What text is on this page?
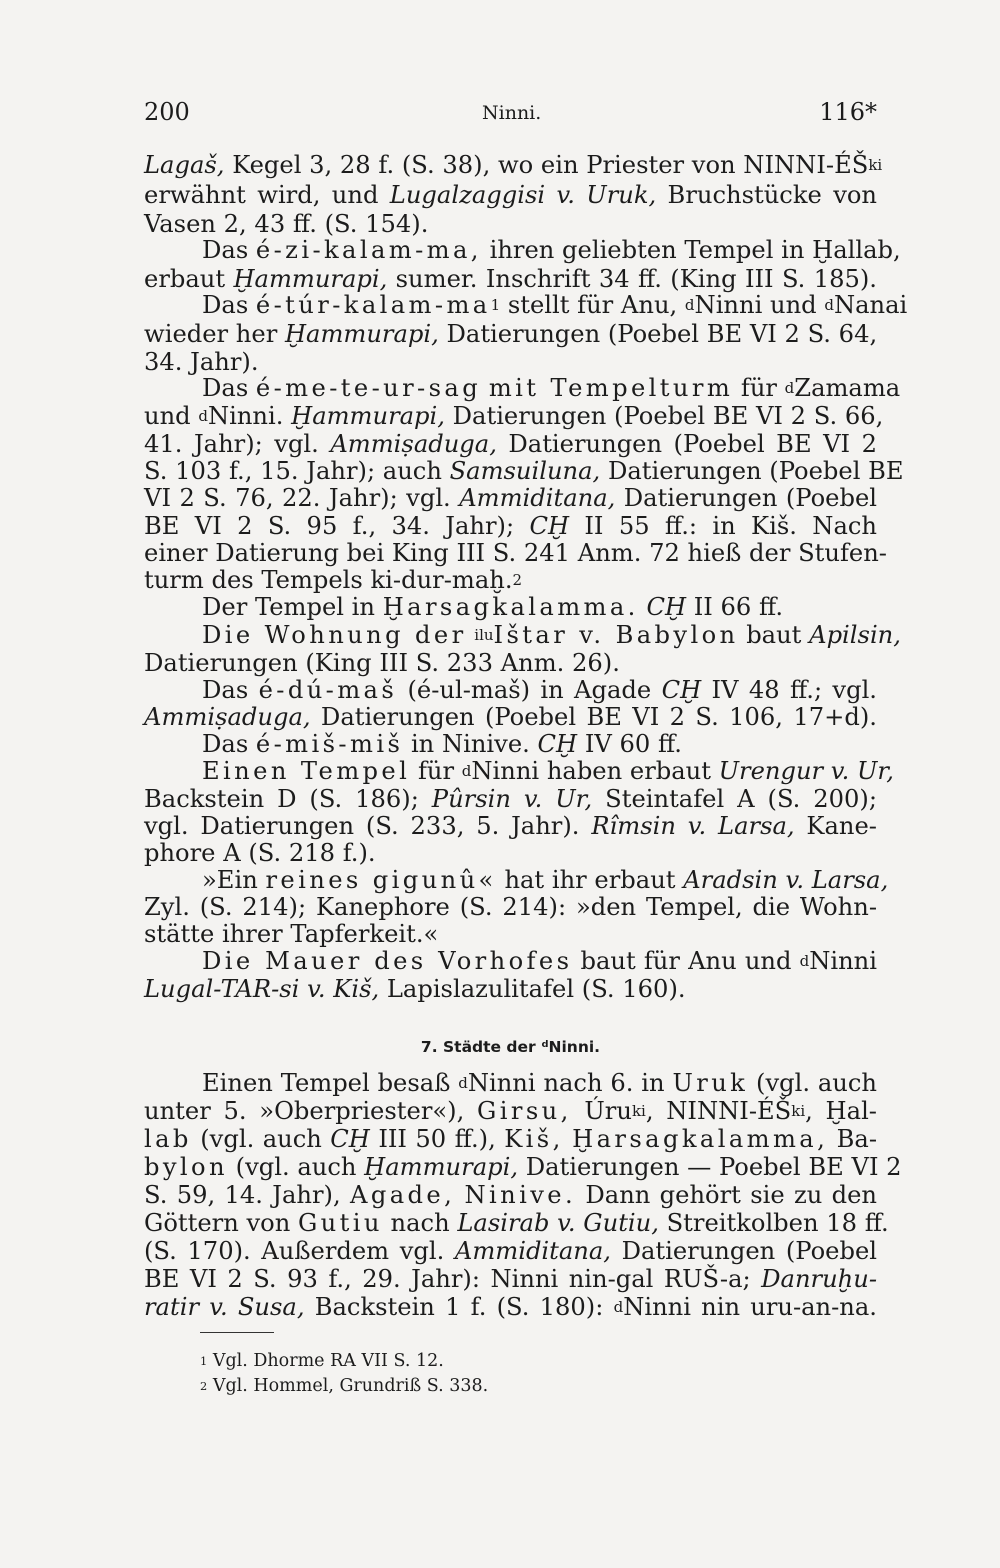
200	Ninni.	116*
Lagaš, Kegel 3, 28 f. (S. 38), wo ein Priester von NINNI-$ÉŠ^{ki}$
erwähnt wird, und Lugalzaggisi v. Uruk, Bruchstücke von
Vasen 2, 43 ff. (S. 154).
Das é-zi-kalam-ma, ihren geliebten Tempel in Ḫallab,
erbaut Ḫammurapi, sumer. Inschrift 34 ff. (King III S. 185).
Das $é-túr-kalam-ma^1$ stellt für Anu, $^d$Ninni und $^d$Nanai
wieder her Ḫammurapi, Datierungen (Poebel BE VI 2 S. 64,
34. Jahr).
Das é-me-te-ur-sag mit Tempelturm für $^d$Zamama
und $^d$Ninni. Ḫammurapi, Datierungen (Poebel BE VI 2 S. 66,
41. Jahr); vgl. Ammiṣaduga, Datierungen (Poebel BE VI 2
S. 103 f., 15. Jahr); auch Samsuiluna, Datierungen (Poebel BE
VI 2 S. 76, 22. Jahr); vgl. Ammiditana, Datierungen (Poebel
BE VI 2 S. 95 f., 34. Jahr); CḪ II 55 ff.: in Kiš. Nach
einer Datierung bei King III S. 241 Anm. 72 hieß der Stufen-
turm des Tempels ki-dur-maḫ.$^2$
Der Tempel in Ḫarsagkalamma. CḪ II 66 ff.
Die Wohnung der $^{ilu}$Ištar v. Babylon baut Apilsin,
Datierungen (King III S. 233 Anm. 26).
Das é-dú-maš (é-ul-maš) in Agade CḪ IV 48 ff.; vgl.
Ammiṣaduga, Datierungen (Poebel BE VI 2 S. 106, 17+d).
Das é-miš-miš in Ninive. CḪ IV 60 ff.
Einen Tempel für $^d$Ninni haben erbaut Urengur v. Ur,
Backstein D (S. 186); Pûrsin v. Ur, Steintafel A (S. 200);
vgl. Datierungen (S. 233, 5. Jahr). Rîmsin v. Larsa, Kane-
phore A (S. 218 f.).
»Ein reines gigunû« hat ihr erbaut Aradsin v. Larsa,
Zyl. (S. 214); Kanephore (S. 214): »den Tempel, die Wohn-
stätte ihrer Tapferkeit.«
Die Mauer des Vorhofes baut für Anu und $^d$Ninni
Lugal-TAR-si v. Kiš, Lapislazulitafel (S. 160).
7. Städte der ᵈNinni.
Einen Tempel besaß $^d$Ninni nach 6. in Uruk (vgl. auch
unter 5. »Oberpriester«), Girsu, Úru$^{ki}$, NINNI-$ÉŠ^{ki}$, Ḫal-
lab (vgl. auch CḪ III 50 ff.), Kiš, Ḫarsagkalamma, Ba-
bylon (vgl. auch Ḫammurapi, Datierungen — Poebel BE VI 2
S. 59, 14. Jahr), Agade, Ninive. Dann gehört sie zu den
Göttern von Gutiu nach Lasirab v. Gutiu, Streitkolben 18 ff.
(S. 170). Außerdem vgl. Ammiditana, Datierungen (Poebel
BE VI 2 S. 93 f., 29. Jahr): Ninni nin-gal RUŠ-a; Danruḫu-
ratir v. Susa, Backstein 1 f. (S. 180): $^d$Ninni nin uru-an-na.
$^1$ Vgl. Dhorme RA VII S. 12.
$^2$ Vgl. Hommel, Grundriß S. 338.
